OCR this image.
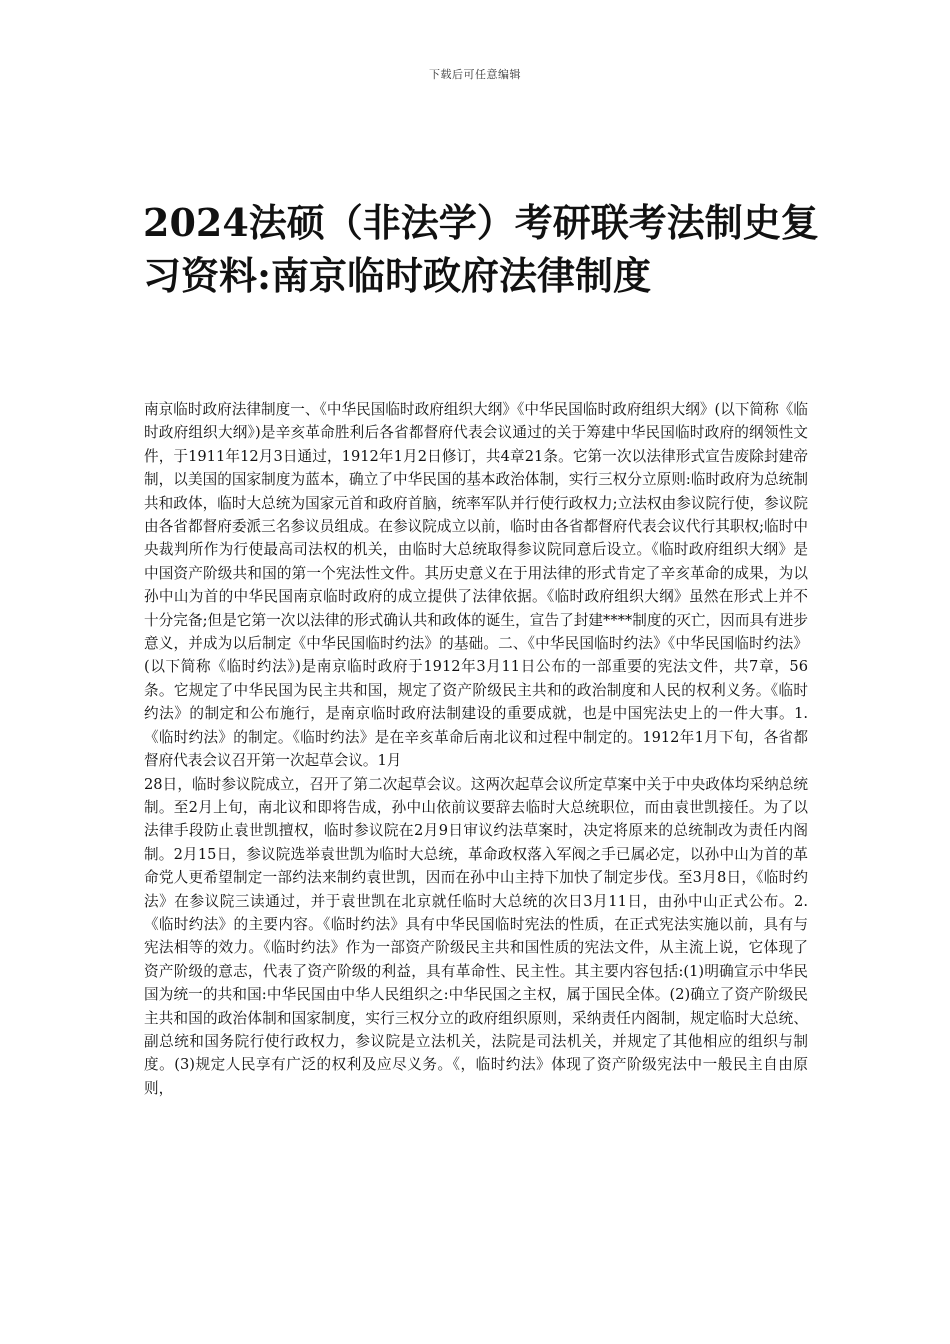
下载后可任意编辑
2024法硕（非法学）考研联考法制史复习资料:南京临时政府法律制度

南京临时政府法律制度一、《中华民国临时政府组织大纲》《中华民国临时政府组织大纲》(以下简称《临时政府组织大纲》)是辛亥革命胜利后各省都督府代表会议通过的关于筹建中华民国临时政府的纲领性文件，于1911年12月3日通过，1912年1月2日修订，共4章21条。它第一次以法律形式宣告废除封建帝制，以美国的国家制度为蓝本，确立了中华民国的基本政治体制，实行三权分立原则:临时政府为总统制共和政体，临时大总统为国家元首和政府首脑，统率军队并行使行政权力;立法权由参议院行使，参议院由各省都督府委派三名参议员组成。在参议院成立以前，临时由各省都督府代表会议代行其职权;临时中央裁判所作为行使最高司法权的机关，由临时大总统取得参议院同意后设立。《临时政府组织大纲》是中国资产阶级共和国的第一个宪法性文件。其历史意义在于用法律的形式肯定了辛亥革命的成果，为以孙中山为首的中华民国南京临时政府的成立提供了法律依据。《临时政府组织大纲》虽然在形式上并不十分完备;但是它第一次以法律的形式确认共和政体的诞生，宣告了封建****制度的灭亡，因而具有进步意义，并成为以后制定《中华民国临时约法》的基础。二、《中华民国临时约法》《中华民国临时约法》(以下简称《临时约法》)是南京临时政府于1912年3月11日公布的一部重要的宪法文件，共7章，56条。它规定了中华民国为民主共和国，规定了资产阶级民主共和的政治制度和人民的权利义务。《临时约法》的制定和公布施行，是南京临时政府法制建设的重要成就，也是中国宪法史上的一件大事。1.《临时约法》的制定。《临时约法》是在辛亥革命后南北议和过程中制定的。1912年1月下旬，各省都督府代表会议召开第一次起草会议。1月

28日，临时参议院成立，召开了第二次起草会议。这两次起草会议所定草案中关于中央政体均采纳总统制。至2月上旬，南北议和即将告成，孙中山依前议要辞去临时大总统职位，而由袁世凯接任。为了以法律手段防止袁世凯擅权，临时参议院在2月9日审议约法草案时，决定将原来的总统制改为责任内阁制。2月15日，参议院选举袁世凯为临时大总统，革命政权落入军阀之手已属必定，以孙中山为首的革命党人更希望制定一部约法来制约袁世凯，因而在孙中山主持下加快了制定步伐。至3月8日，《临时约法》在参议院三读通过，并于袁世凯在北京就任临时大总统的次日3月11日，由孙中山正式公布。2.《临时约法》的主要内容。《临时约法》具有中华民国临时宪法的性质，在正式宪法实施以前，具有与宪法相等的效力。《临时约法》作为一部资产阶级民主共和国性质的宪法文件，从主流上说，它体现了资产阶级的意志，代表了资产阶级的利益，具有革命性、民主性。其主要内容包括:(1)明确宣示中华民国为统一的共和国:中华民国由中华人民组织之:中华民国之主权，属于国民全体。(2)确立了资产阶级民主共和国的政治体制和国家制度，实行三权分立的政府组织原则，采纳责任内阁制，规定临时大总统、副总统和国务院行使行政权力，参议院是立法机关，法院是司法机关，并规定了其他相应的组织与制度。(3)规定人民享有广泛的权利及应尽义务。《，临时约法》体现了资产阶级宪法中一般民主自由原则，
